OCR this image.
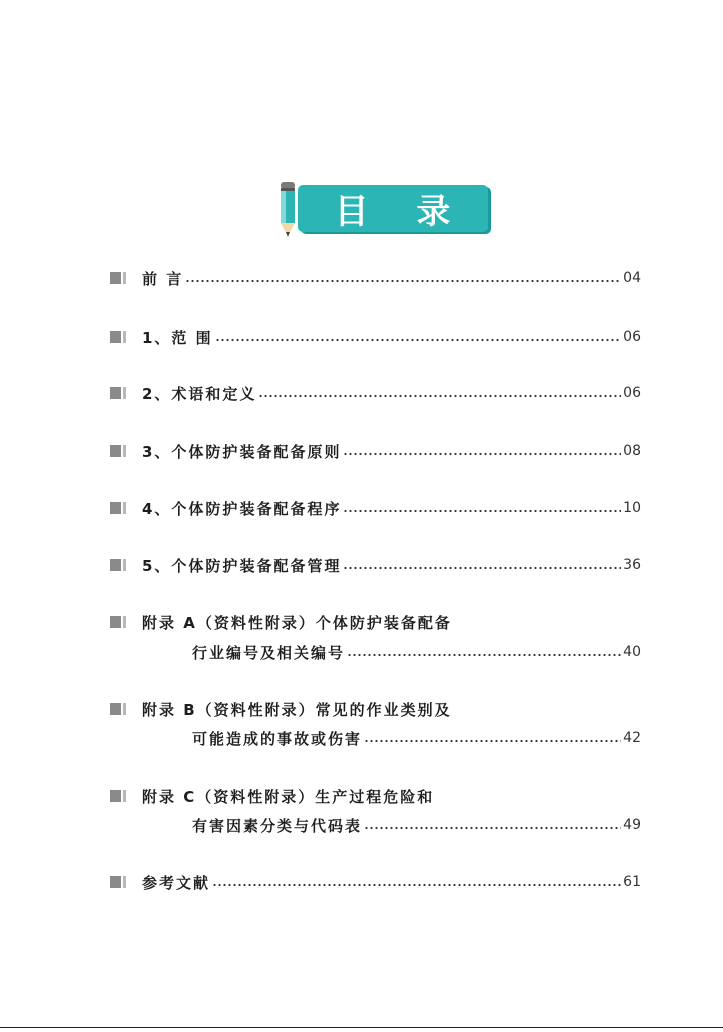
目 录
前 言	04
1、范 围	06
2、术语和定义	06
3、个体防护装备配备原则	08
4、个体防护装备配备程序	10
5、个体防护装备配备管理	36
附录 A（资料性附录）个体防护装备配备
行业编号及相关编号	40
附录 B（资料性附录）常见的作业类别及
可能造成的事故或伤害	42
附录 C（资料性附录）生产过程危险和
有害因素分类与代码表	49
参考文献	61
